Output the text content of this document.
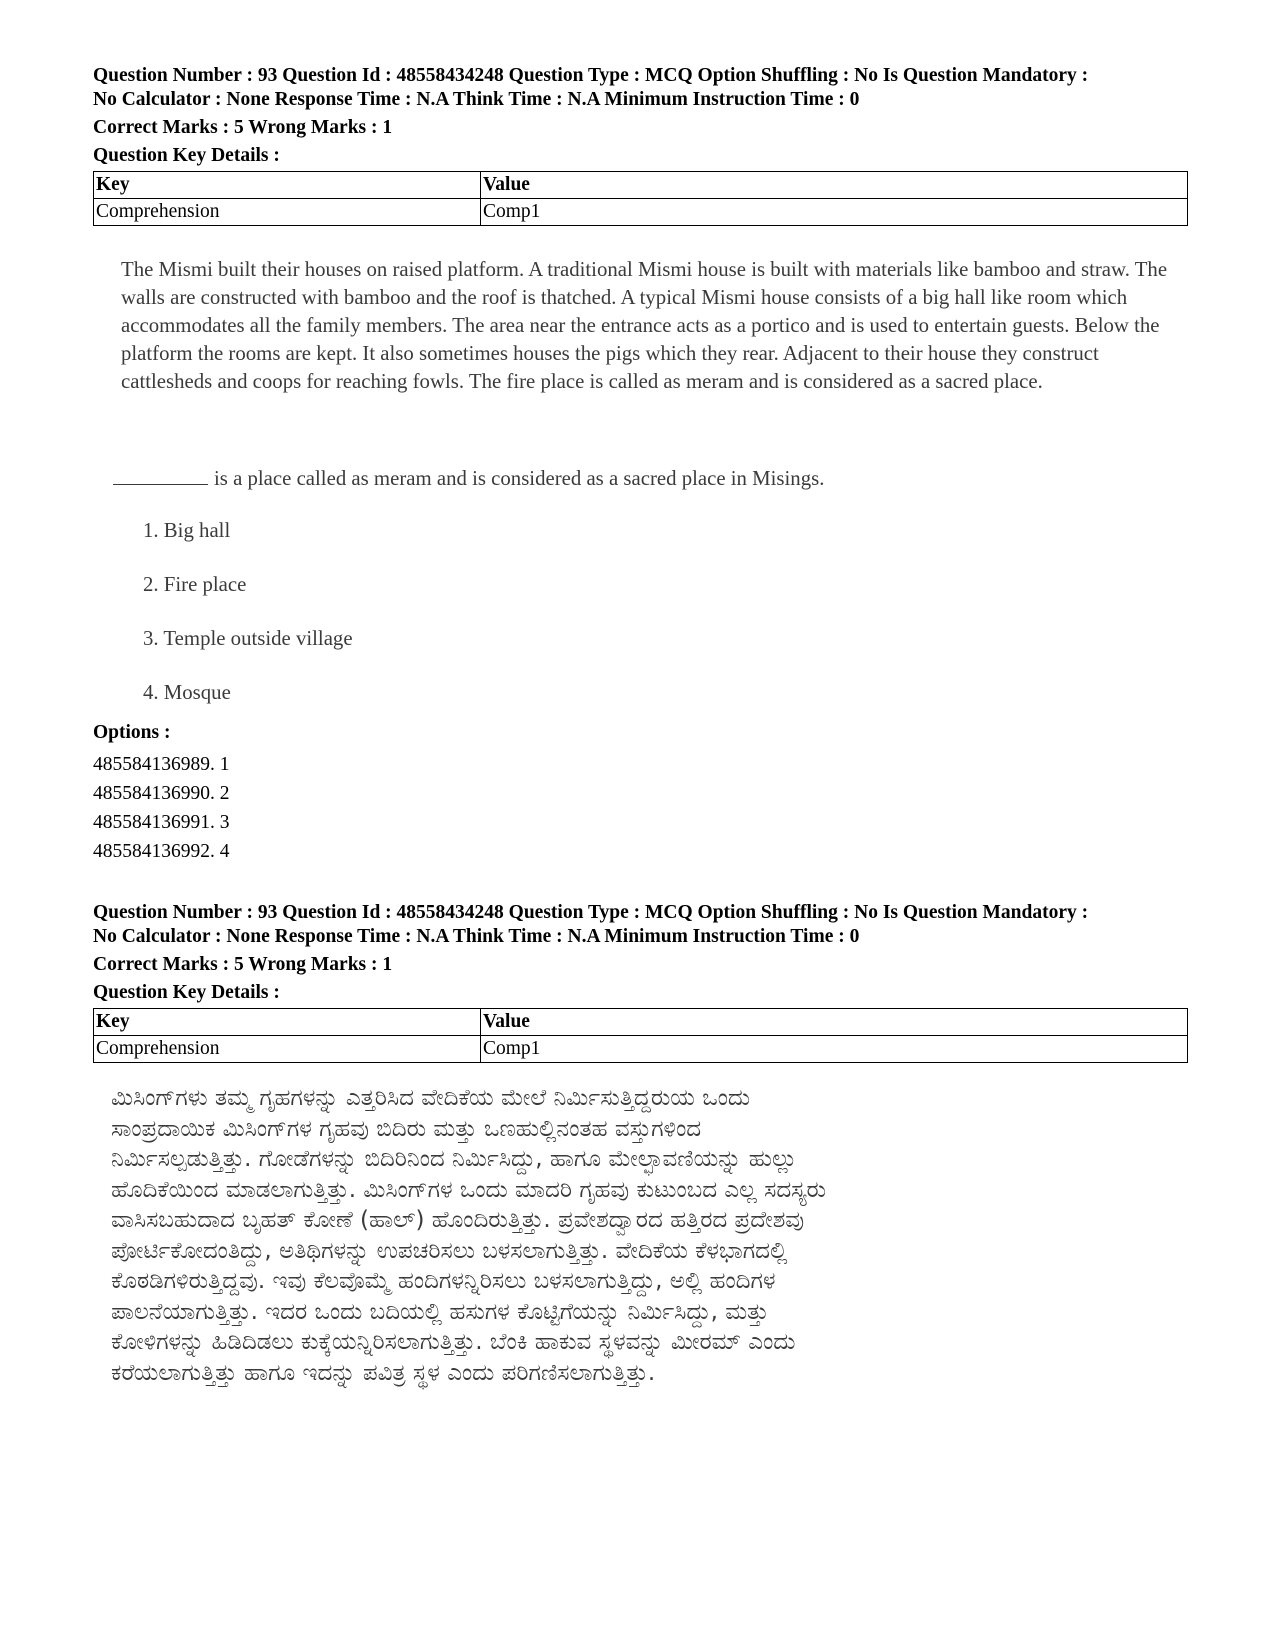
Question Number : 93 Question Id : 48558434248 Question Type : MCQ Option Shuffling : No Is Question Mandatory :
No Calculator : None Response Time : N.A Think Time : N.A Minimum Instruction Time : 0
Correct Marks : 5 Wrong Marks : 1
Question Key Details :
Key	Value
Comprehension	Comp1
The Mismi built their houses on raised platform. A traditional Mismi house is built with materials like bamboo and straw. The walls are constructed with bamboo and the roof is thatched. A typical Mismi house consists of a big hall like room which accommodates all the family members. The area near the entrance acts as a portico and is used to entertain guests. Below the platform the rooms are kept. It also sometimes houses the pigs which they rear. Adjacent to their house they construct cattlesheds and coops for reaching fowls. The fire place is called as meram and is considered as a sacred place.
is a place called as meram and is considered as a sacred place in Misings.
1. Big hall
2. Fire place
3. Temple outside village
4. Mosque
Options :
485584136989. 1
485584136990. 2
485584136991. 3
485584136992. 4
Question Number : 93 Question Id : 48558434248 Question Type : MCQ Option Shuffling : No Is Question Mandatory :
No Calculator : None Response Time : N.A Think Time : N.A Minimum Instruction Time : 0
Correct Marks : 5 Wrong Marks : 1
Question Key Details :
Key	Value
Comprehension	Comp1
ಮಿಸಿಂಗ್‌ಗಳು ತಮ್ಮ ಗೃಹಗಳನ್ನು ಎತ್ತರಿಸಿದ ವೇದಿಕೆಯ ಮೇಲೆ ನಿರ್ಮಿಸುತ್ತಿದ್ದರುಯ ಒಂದು
ಸಾಂಪ್ರದಾಯಿಕ ಮಿಸಿಂಗ್‌ಗಳ ಗೃಹವು ಬಿದಿರು ಮತ್ತು ಒಣಹುಲ್ಲಿನಂತಹ ವಸ್ತುಗಳಿಂದ
ನಿರ್ಮಿಸಲ್ಪಡುತ್ತಿತ್ತು. ಗೋಡೆಗಳನ್ನು ಬಿದಿರಿನಿಂದ ನಿರ್ಮಿಸಿದ್ದು, ಹಾಗೂ ಮೇಲ್ಛಾವಣಿಯನ್ನು ಹುಲ್ಲು
ಹೊದಿಕೆಯಿಂದ ಮಾಡಲಾಗುತ್ತಿತ್ತು. ಮಿಸಿಂಗ್‌ಗಳ ಒಂದು ಮಾದರಿ ಗೃಹವು ಕುಟುಂಬದ ಎಲ್ಲ ಸದಸ್ಯರು
ವಾಸಿಸಬಹುದಾದ ಬೃಹತ್ ಕೋಣೆ (ಹಾಲ್) ಹೊಂದಿರುತ್ತಿತ್ತು. ಪ್ರವೇಶದ್ವಾರದ ಹತ್ತಿರದ ಪ್ರದೇಶವು
ಪೋರ್ಟಿಕೋದಂತಿದ್ದು, ಅತಿಥಿಗಳನ್ನು ಉಪಚರಿಸಲು ಬಳಸಲಾಗುತ್ತಿತ್ತು. ವೇದಿಕೆಯ ಕೆಳಭಾಗದಲ್ಲಿ
ಕೊಠಡಿಗಳಿರುತ್ತಿದ್ದವು. ಇವು ಕೆಲವೊಮ್ಮೆ ಹಂದಿಗಳನ್ನಿರಿಸಲು ಬಳಸಲಾಗುತ್ತಿದ್ದು, ಅಲ್ಲಿ ಹಂದಿಗಳ
ಪಾಲನೆಯಾಗುತ್ತಿತ್ತು. ಇದರ ಒಂದು ಬದಿಯಲ್ಲಿ ಹಸುಗಳ ಕೊಟ್ಟಿಗೆಯನ್ನು ನಿರ್ಮಿಸಿದ್ದು, ಮತ್ತು
ಕೋಳಿಗಳನ್ನು ಹಿಡಿದಿಡಲು ಕುಕ್ಕೆಯನ್ನಿರಿಸಲಾಗುತ್ತಿತ್ತು. ಬೆಂಕಿ ಹಾಕುವ ಸ್ಥಳವನ್ನು ಮೀರಮ್ ಎಂದು
ಕರೆಯಲಾಗುತ್ತಿತ್ತು ಹಾಗೂ ಇದನ್ನು ಪವಿತ್ರ ಸ್ಥಳ ಎಂದು ಪರಿಗಣಿಸಲಾಗುತ್ತಿತ್ತು.
